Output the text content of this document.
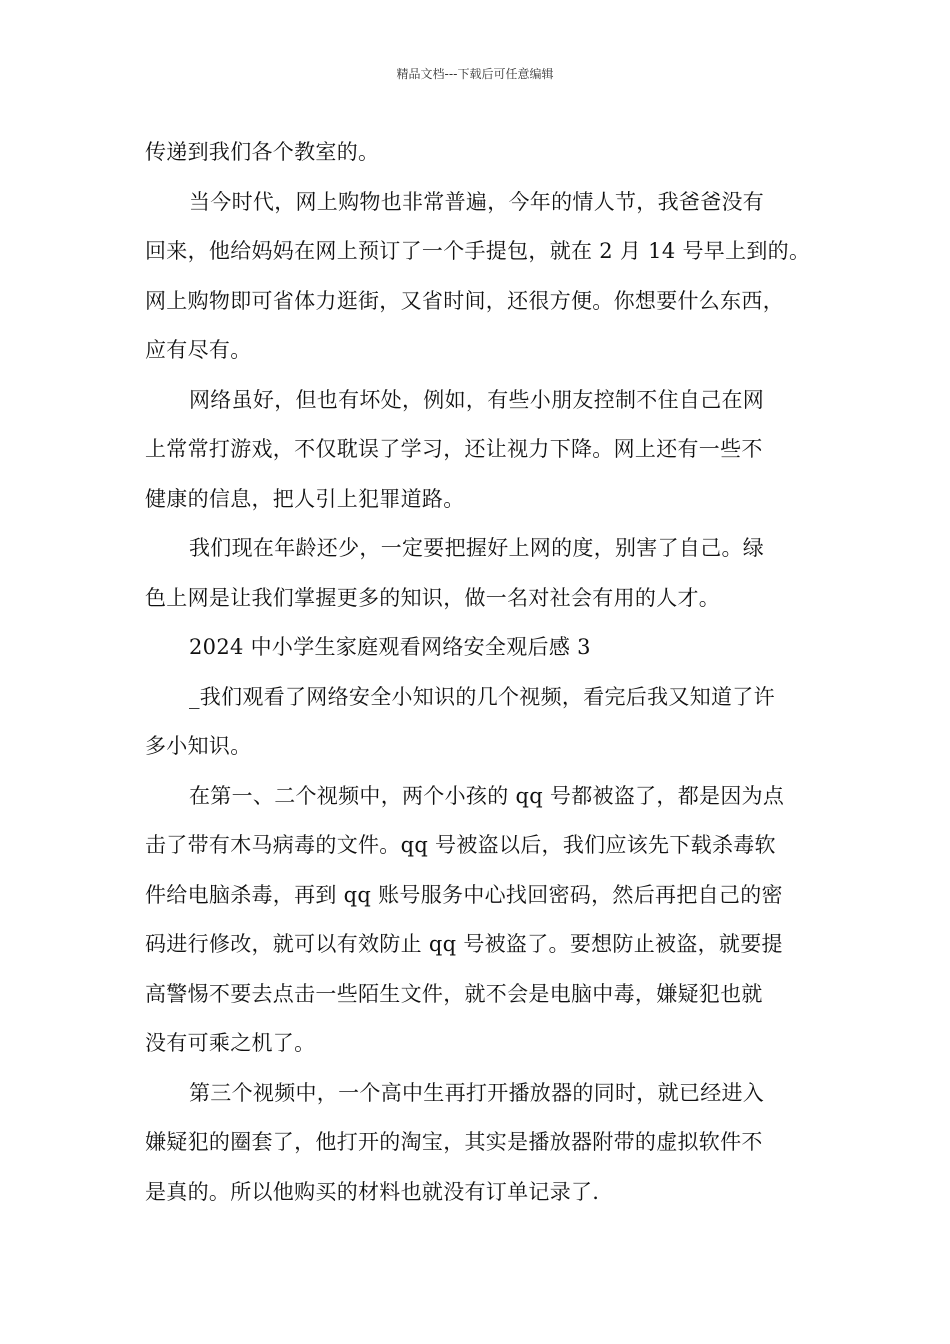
精品文档---下载后可任意编辑

传递到我们各个教室的。

当今时代，网上购物也非常普遍，今年的情人节，我爸爸没有

回来，他给妈妈在网上预订了一个手提包，就在 2 月 14 号早上到的。

网上购物即可省体力逛街，又省时间，还很方便。你想要什么东西，

应有尽有。

网络虽好，但也有坏处，例如，有些小朋友控制不住自己在网

上常常打游戏，不仅耽误了学习，还让视力下降。网上还有一些不

健康的信息，把人引上犯罪道路。

我们现在年龄还少，一定要把握好上网的度，别害了自己。绿

色上网是让我们掌握更多的知识，做一名对社会有用的人才。

2024 中小学生家庭观看网络安全观后感 3

_我们观看了网络安全小知识的几个视频，看完后我又知道了许

多小知识。

在第一、二个视频中，两个小孩的 qq 号都被盗了，都是因为点

击了带有木马病毒的文件。qq 号被盗以后，我们应该先下载杀毒软

件给电脑杀毒，再到 qq 账号服务中心找回密码，然后再把自己的密

码进行修改，就可以有效防止 qq 号被盗了。要想防止被盗，就要提

高警惕不要去点击一些陌生文件，就不会是电脑中毒，嫌疑犯也就

没有可乘之机了。

第三个视频中，一个高中生再打开播放器的同时，就已经进入

嫌疑犯的圈套了，他打开的淘宝，其实是播放器附带的虚拟软件不

是真的。所以他购买的材料也就没有订单记录了.
